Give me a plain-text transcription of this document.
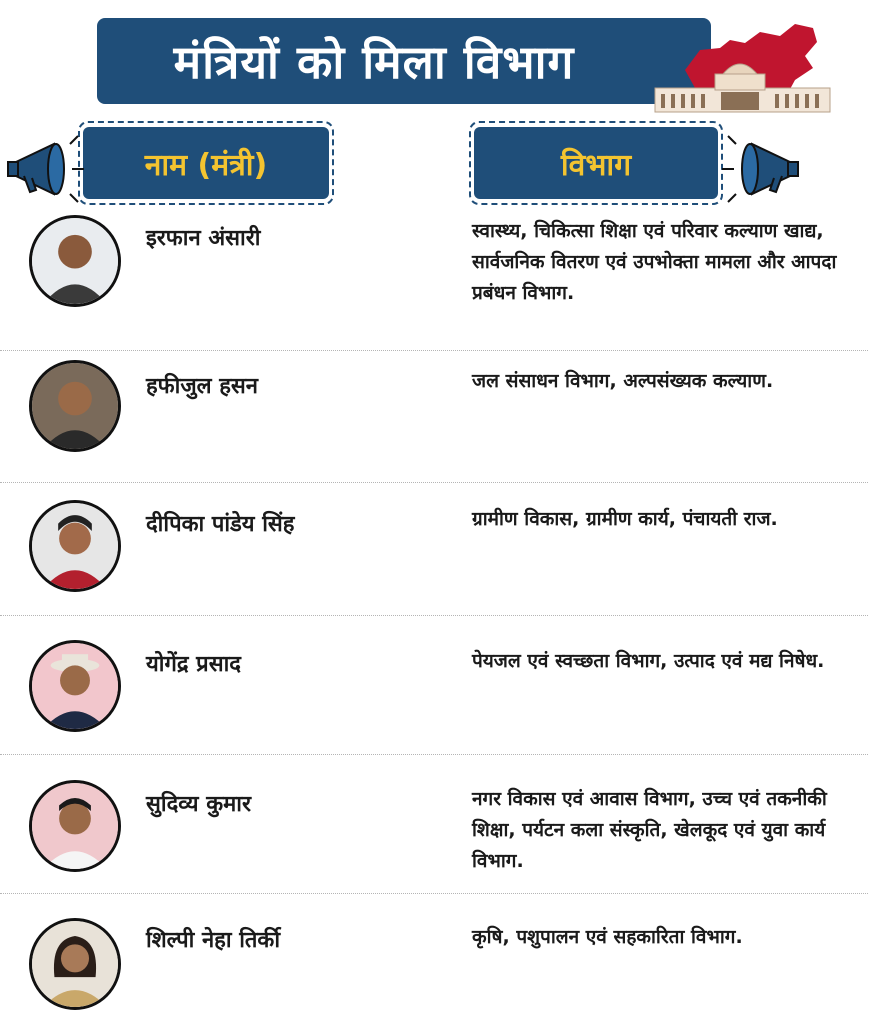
मंत्रियों को मिला विभाग
नाम (मंत्री)	विभाग
इरफान अंसारी	स्वास्थ्य, चिकित्सा शिक्षा एवं परिवार कल्याण खाद्य, सार्वजनिक वितरण एवं उपभोक्ता मामला और आपदा प्रबंधन विभाग.
हफीजुल हसन	जल संसाधन विभाग, अल्पसंख्यक कल्याण.
दीपिका पांडेय सिंह	ग्रामीण विकास, ग्रामीण कार्य, पंचायती राज.
योगेंद्र प्रसाद	पेयजल एवं स्वच्छता विभाग, उत्पाद एवं मद्य निषेध.
सुदिव्य कुमार	नगर विकास एवं आवास विभाग, उच्च एवं तकनीकी शिक्षा, पर्यटन कला संस्कृति, खेलकूद एवं युवा कार्य विभाग.
शिल्पी नेहा तिर्की	कृषि, पशुपालन एवं सहकारिता विभाग.
